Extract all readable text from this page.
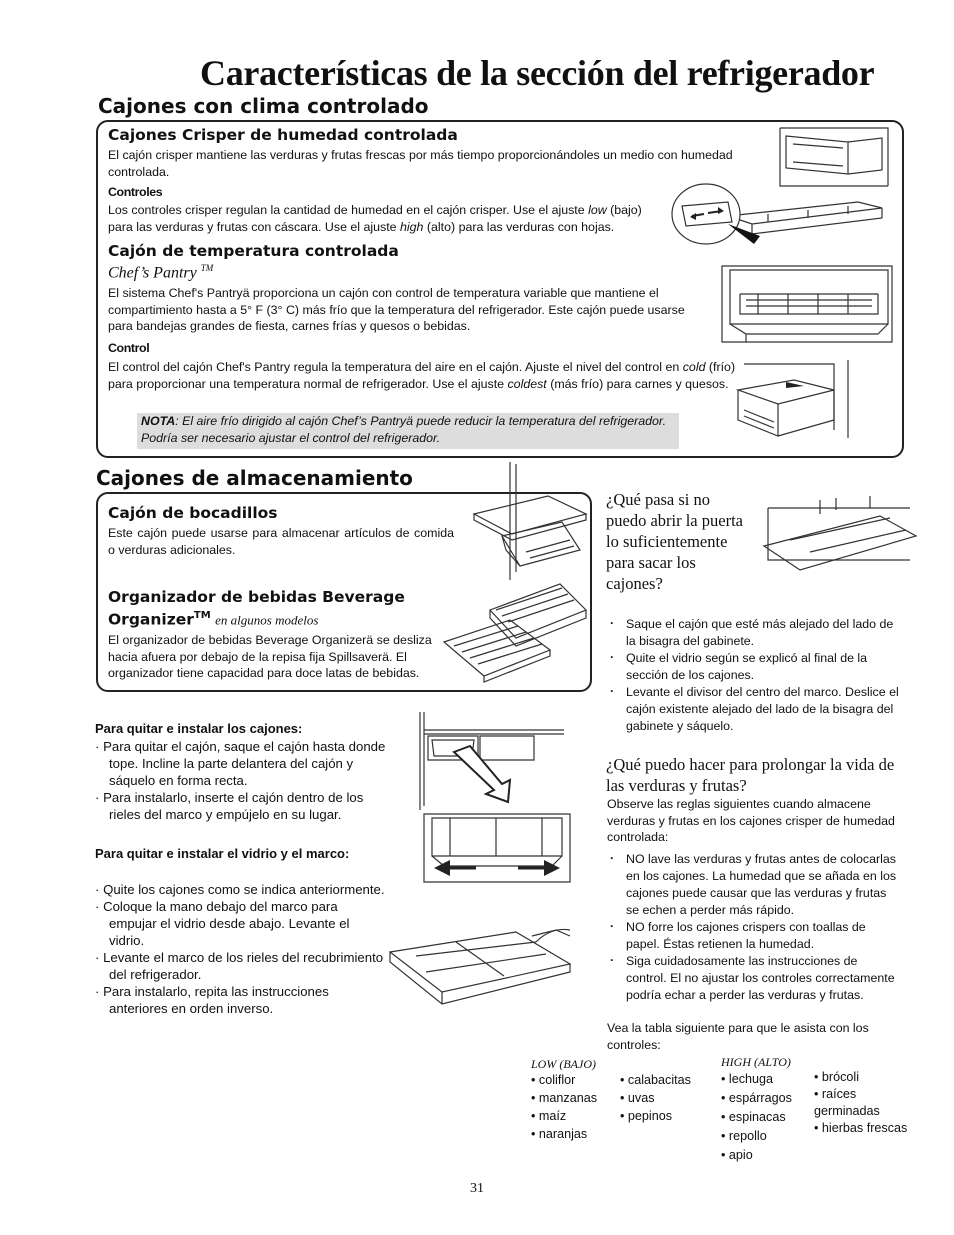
Características de la sección del refrigerador
Cajones con clima controlado
Cajones Crisper de humedad controlada
El cajón crisper mantiene las verduras y frutas frescas por más tiempo proporcionándoles un medio con humedad controlada.
Controles
Los controles crisper regulan la cantidad de humedad en el cajón crisper. Use el ajuste low (bajo) para las verduras y frutas con cáscara. Use el ajuste high (alto) para las verduras con hojas.
Cajón de temperatura controlada
Chef’s Pantry ™
El sistema Chef's Pantryä proporciona un cajón con control de temperatura variable que mantiene el compartimiento hasta a 5° F (3° C) más frío que la temperatura del refrigerador. Este cajón puede usarse para bandejas grandes de fiesta, carnes frías y quesos o bebidas.
Control
El control del cajón Chef's Pantry regula la temperatura del aire en el cajón. Ajuste el nivel del control en cold (frío) para proporcionar una temperatura normal de refrigerador. Use el ajuste coldest (más frío) para carnes y quesos.
NOTA: El aire frío dirigido al cajón Chef’s Pantryä puede reducir la temperatura del refrigerador. Podría ser necesario ajustar el control del refrigerador.
Cajones de almacenamiento
Cajón de bocadillos
Este cajón puede usarse para almacenar artículos de comida o verduras adicionales.
Organizador de bebidas Beverage
Organizer™ en algunos modelos
El organizador de bebidas Beverage Organizerä se desliza hacia afuera por debajo de la repisa fija Spillsaverä. El organizador tiene capacidad para doce latas de bebidas.
Para quitar e instalar los cajones:
· Para quitar el cajón, saque el cajón hasta donde tope. Incline la parte delantera del cajón y sáquelo en forma recta.
· Para instalarlo, inserte el cajón dentro de los rieles del marco y empújelo en su lugar.
Para quitar e instalar el vidrio y el marco:
· Quite los cajones como se indica anteriormente.
· Coloque la mano debajo del marco para empujar el vidrio desde abajo. Levante el vidrio.
· Levante el marco de los rieles del recubrimiento del refrigerador.
· Para instalarlo, repita las instrucciones anteriores en orden inverso.
¿Qué pasa si no puedo abrir la puerta lo suficientemente para sacar los cajones?
· Saque el cajón que esté más alejado del lado de la bisagra del gabinete.
· Quite el vidrio según se explicó al final de la sección de los cajones.
· Levante el divisor del centro del marco. Deslice el cajón existente alejado del lado de la bisagra del gabinete y sáquelo.
¿Qué puedo hacer para prolongar la vida de las verduras y frutas?
Observe las reglas siguientes cuando almacene verduras y frutas en los cajones crisper de humedad controlada:
· NO lave las verduras y frutas antes de colocarlas en los cajones. La humedad que se añada en los cajones puede causar que las verduras y frutas se echen a perder más rápido.
· NO forre los cajones crispers con toallas de papel. Éstas retienen la humedad.
· Siga cuidadosamente las instrucciones de control. El no ajustar los controles correctamente podría echar a perder las verduras y frutas.
Vea la tabla siguiente para que le asista con los controles:
LOW (BAJO)	HIGH (ALTO)
• coliflor
• manzanas
• maíz
• naranjas
• calabacitas
• uvas
• pepinos
• lechuga
• espárragos
• espinacas
• repollo
• apio
• brócoli
• raíces germinadas
• hierbas frescas
31
